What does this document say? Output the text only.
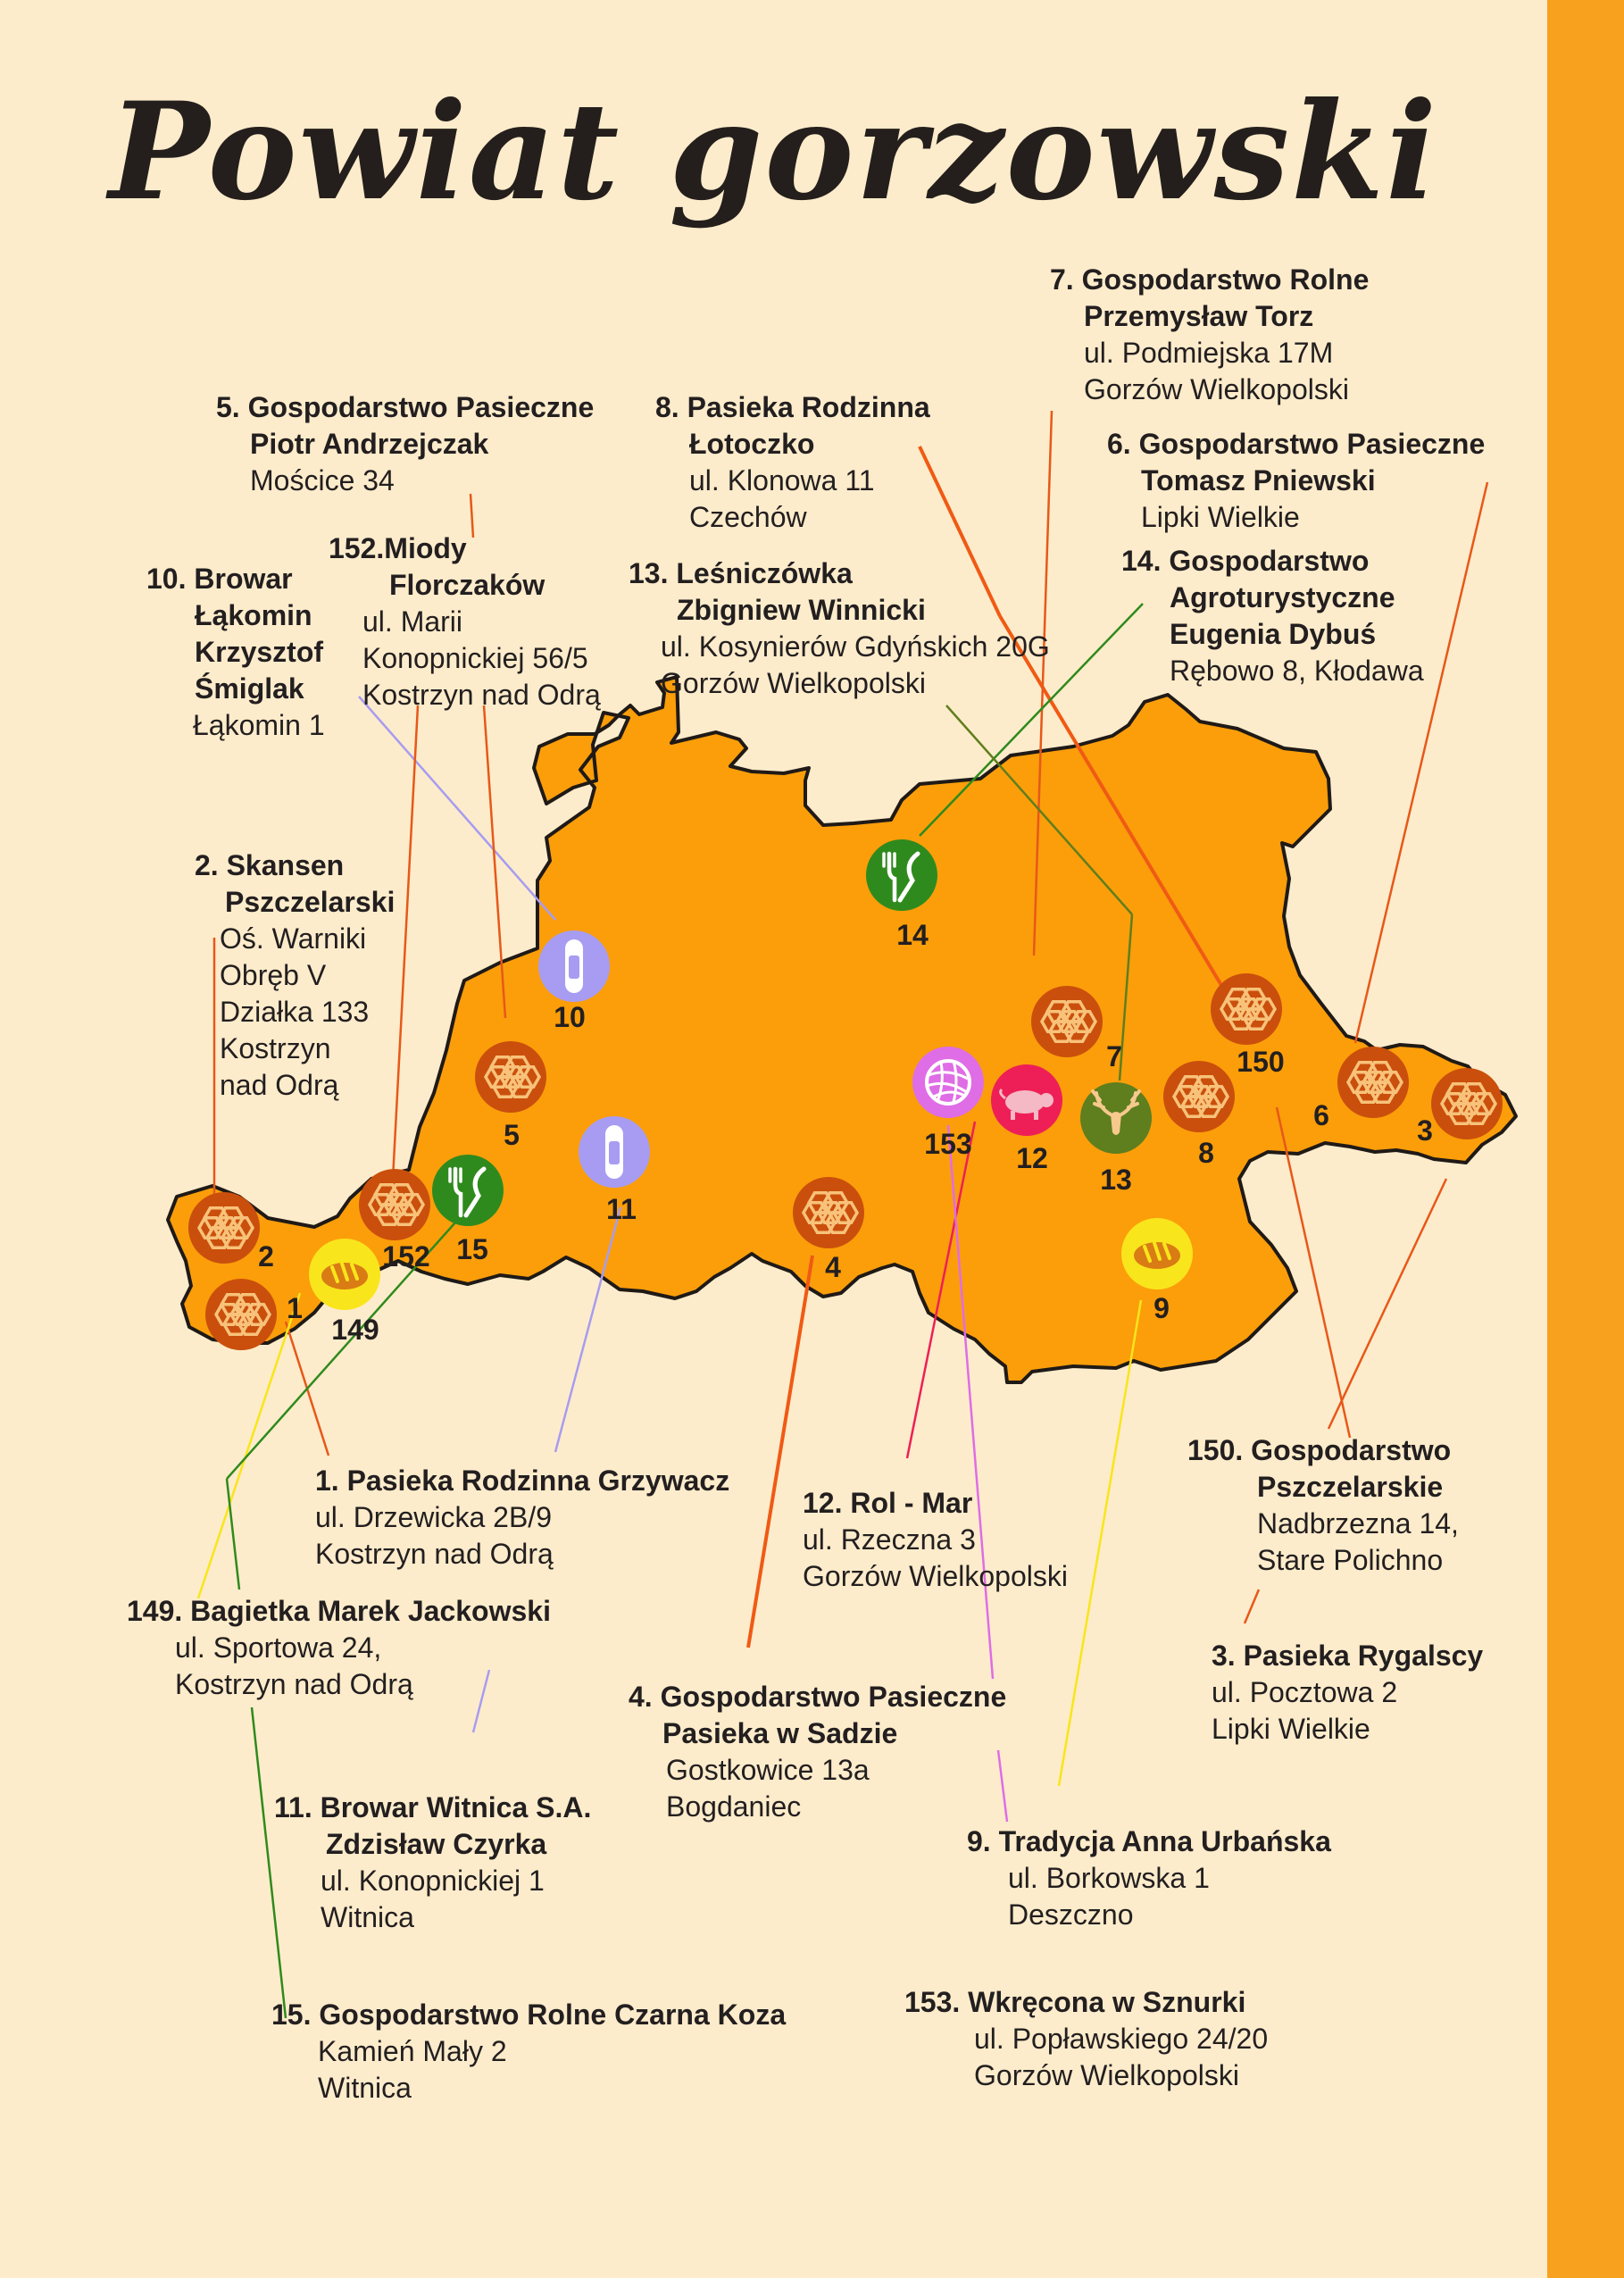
Powiat gorzowski
1
2
3
4
5
6
7
8
9
10
11
12
13
14
15
149
150
152
153
5. Gospodarstwo Pasieczne
Piotr Andrzejczak
Mościce 34
8. Pasieka Rodzinna
Łotoczko
ul. Klonowa 11
Czechów
7. Gospodarstwo Rolne
Przemysław Torz
ul. Podmiejska 17M
Gorzów Wielkopolski
6. Gospodarstwo Pasieczne
Tomasz Pniewski
Lipki Wielkie
14. Gospodarstwo
Agroturystyczne
Eugenia Dybuś
Rębowo 8, Kłodawa
152.Miody
Florczaków
ul. Marii
Konopnickiej 56/5
Kostrzyn nad Odrą
10. Browar
Łąkomin
Krzysztof
Śmiglak
Łąkomin 1
13. Leśniczówka
Zbigniew Winnicki
ul. Kosynierów Gdyńskich 20G
Gorzów Wielkopolski
2. Skansen
Pszczelarski
Oś. Warniki
Obręb V
Działka 133
Kostrzyn
nad Odrą
1. Pasieka Rodzinna Grzywacz
ul. Drzewicka 2B/9
Kostrzyn nad Odrą
12. Rol - Mar
ul. Rzeczna 3
Gorzów Wielkopolski
150. Gospodarstwo
Pszczelarskie
Nadbrzezna 14,
Stare Polichno
3. Pasieka Rygalscy
ul. Pocztowa 2
Lipki Wielkie
149. Bagietka Marek Jackowski
ul. Sportowa 24,
Kostrzyn nad Odrą	4. Gospodarstwo Pasieczne
Pasieka w Sadzie
Gostkowice 13a
Bogdaniec
11. Browar Witnica S.A.
Zdzisław Czyrka
ul. Konopnickiej 1
Witnica
9. Tradycja Anna Urbańska
ul. Borkowska 1
Deszczno
15. Gospodarstwo Rolne Czarna Koza
Kamień Mały 2
Witnica
153. Wkręcona w Sznurki
ul. Popławskiego 24/20
Gorzów Wielkopolski
